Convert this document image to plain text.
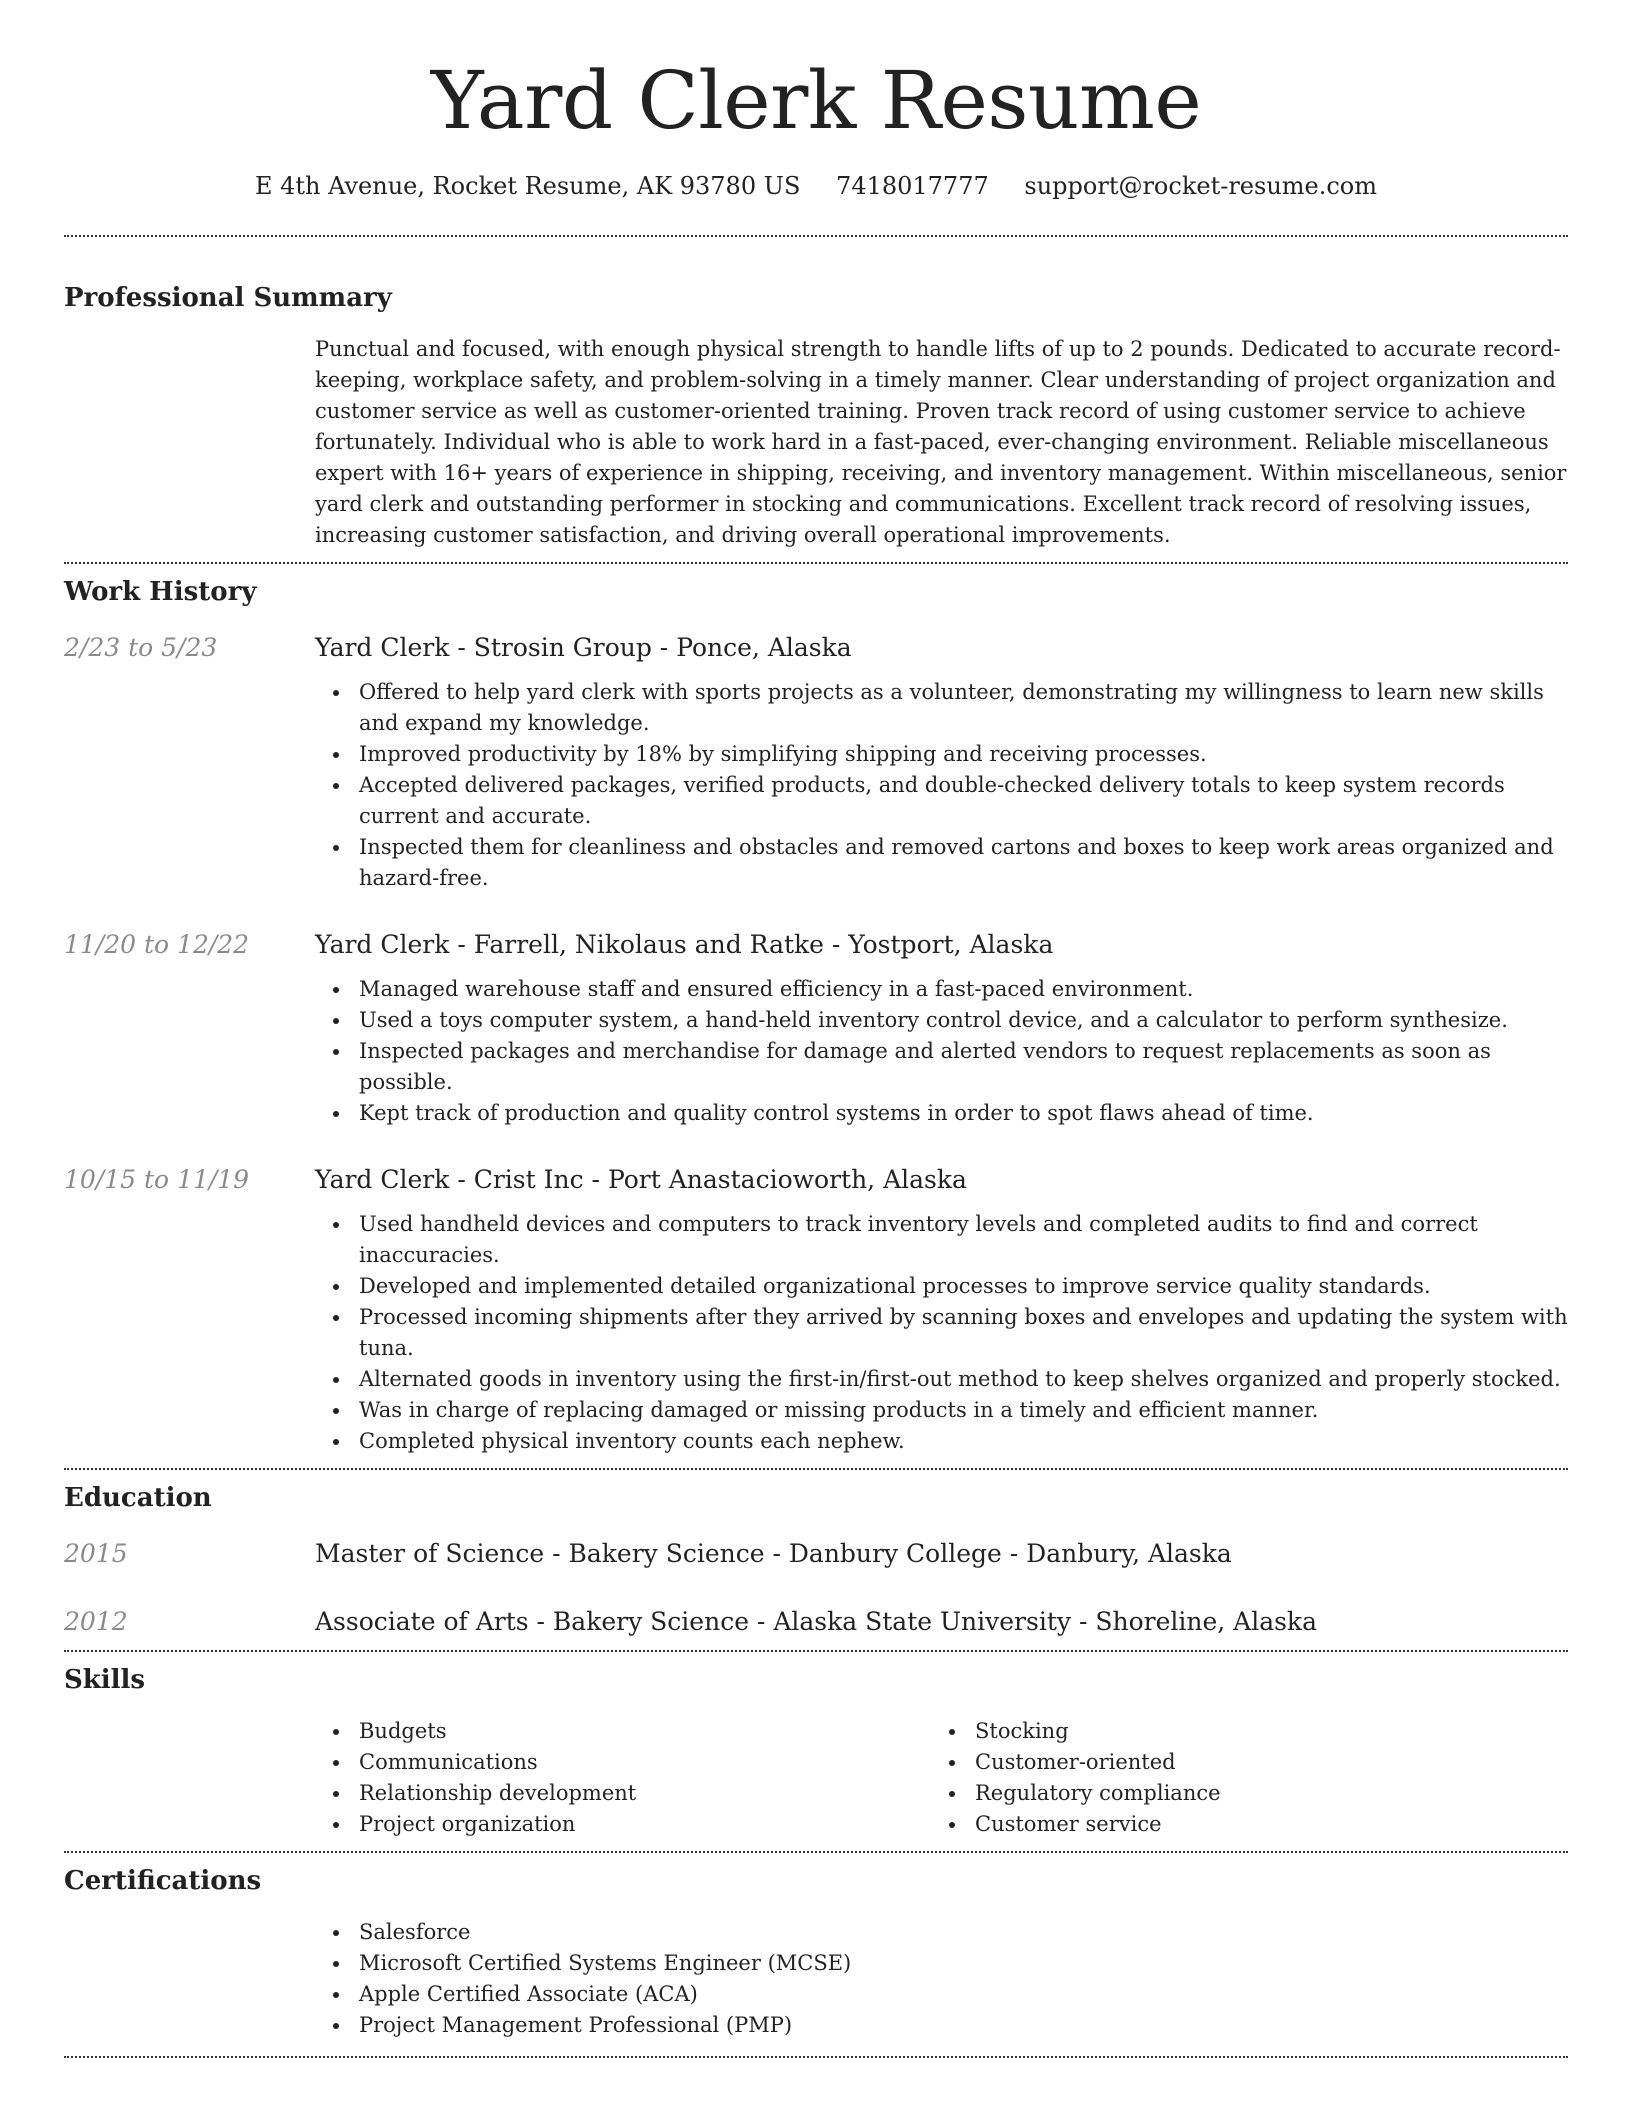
Yard Clerk Resume
E 4th Avenue, Rocket Resume, AK 93780 US 7418017777 support@rocket-resume.com
Professional Summary

Punctual and focused, with enough physical strength to handle lifts of up to 2 pounds. Dedicated to accurate record-keeping, workplace safety, and problem-solving in a timely manner. Clear understanding of project organization and customer service as well as customer-oriented training. Proven track record of using customer service to achieve fortunately. Individual who is able to work hard in a fast-paced, ever-changing environment. Reliable miscellaneous expert with 16+ years of experience in shipping, receiving, and inventory management. Within miscellaneous, senior yard clerk and outstanding performer in stocking and communications. Excellent track record of resolving issues, increasing customer satisfaction, and driving overall operational improvements.

Work History
2/23 to 5/23	Yard Clerk - Strosin Group - Ponce, Alaska
Offered to help yard clerk with sports projects as a volunteer, demonstrating my willingness to learn new skills and expand my knowledge.
Improved productivity by 18% by simplifying shipping and receiving processes.
Accepted delivered packages, verified products, and double-checked delivery totals to keep system records current and accurate.
Inspected them for cleanliness and obstacles and removed cartons and boxes to keep work areas organized and hazard-free.
11/20 to 12/22	Yard Clerk - Farrell, Nikolaus and Ratke - Yostport, Alaska
Managed warehouse staff and ensured efficiency in a fast-paced environment.
Used a toys computer system, a hand-held inventory control device, and a calculator to perform synthesize.
Inspected packages and merchandise for damage and alerted vendors to request replacements as soon as possible.
Kept track of production and quality control systems in order to spot flaws ahead of time.
10/15 to 11/19	Yard Clerk - Crist Inc - Port Anastacioworth, Alaska
Used handheld devices and computers to track inventory levels and completed audits to find and correct inaccuracies.
Developed and implemented detailed organizational processes to improve service quality standards.
Processed incoming shipments after they arrived by scanning boxes and envelopes and updating the system with tuna.
Alternated goods in inventory using the first-in/first-out method to keep shelves organized and properly stocked.
Was in charge of replacing damaged or missing products in a timely and efficient manner.
Completed physical inventory counts each nephew.
Education
2015	Master of Science - Bakery Science - Danbury College - Danbury, Alaska
2012	Associate of Arts - Bakery Science - Alaska State University - Shoreline, Alaska
Skills
Budgets
Communications
Relationship development
Project organization
Stocking
Customer-oriented
Regulatory compliance
Customer service
Certifications
Salesforce
Microsoft Certified Systems Engineer (MCSE)
Apple Certified Associate (ACA)
Project Management Professional (PMP)
